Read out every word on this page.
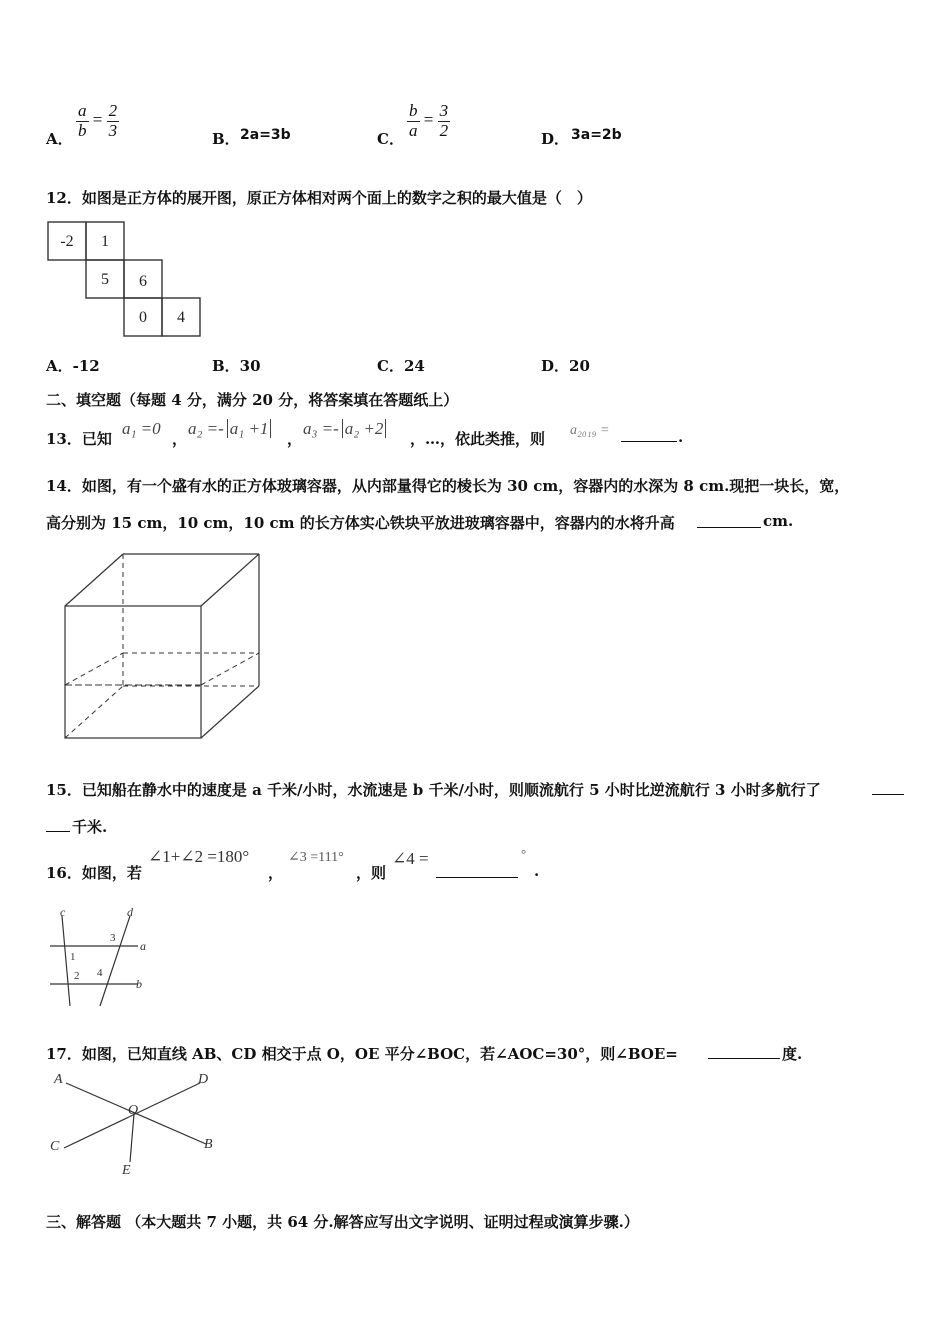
A． $\frac{a}{b} = \frac{2}{3}$	B． 2a=3b	C． $\frac{b}{a} = \frac{3}{2}$	D． 3a=2b
12．如图是正方体的展开图，原正方体相对两个面上的数字之积的最大值是（　）
-2 1
5 6
0 4
A．-12	B．30	C．24	D．20
二、填空题（每题 4 分，满分 20 分，将答案填在答题纸上）
13．已知
a₁ =0
，
a₂ =- a₁ +1
，
a₃ =- a₂ +2
，…，依此类推，则 a₂₀₁₉ =	.
14．如图，有一个盛有水的正方体玻璃容器，从内部量得它的棱长为 30 cm，容器内的水深为 8 cm.现把一块长，宽，
高分别为 15 cm，10 cm，10 cm 的长方体实心铁块平放进玻璃容器中，容器内的水将升高	cm.
15．已知船在静水中的速度是 a 千米/小时，水流速是 b 千米/小时，则顺流航行 5 小时比逆流航行 3 小时多航行了
千米.
16．如图，若
∠1+∠2 =180°
，
∠3 =111°
，则
∠4 =	°
.
c	d
a
b
1
2
3
4
17．如图，已知直线 AB、CD 相交于点 O，OE 平分∠BOC，若∠AOC=30°，则∠BOE=	度.
A	D
O
C	B
E
三、解答题 （本大题共 7 小题，共 64 分.解答应写出文字说明、证明过程或演算步骤.）
